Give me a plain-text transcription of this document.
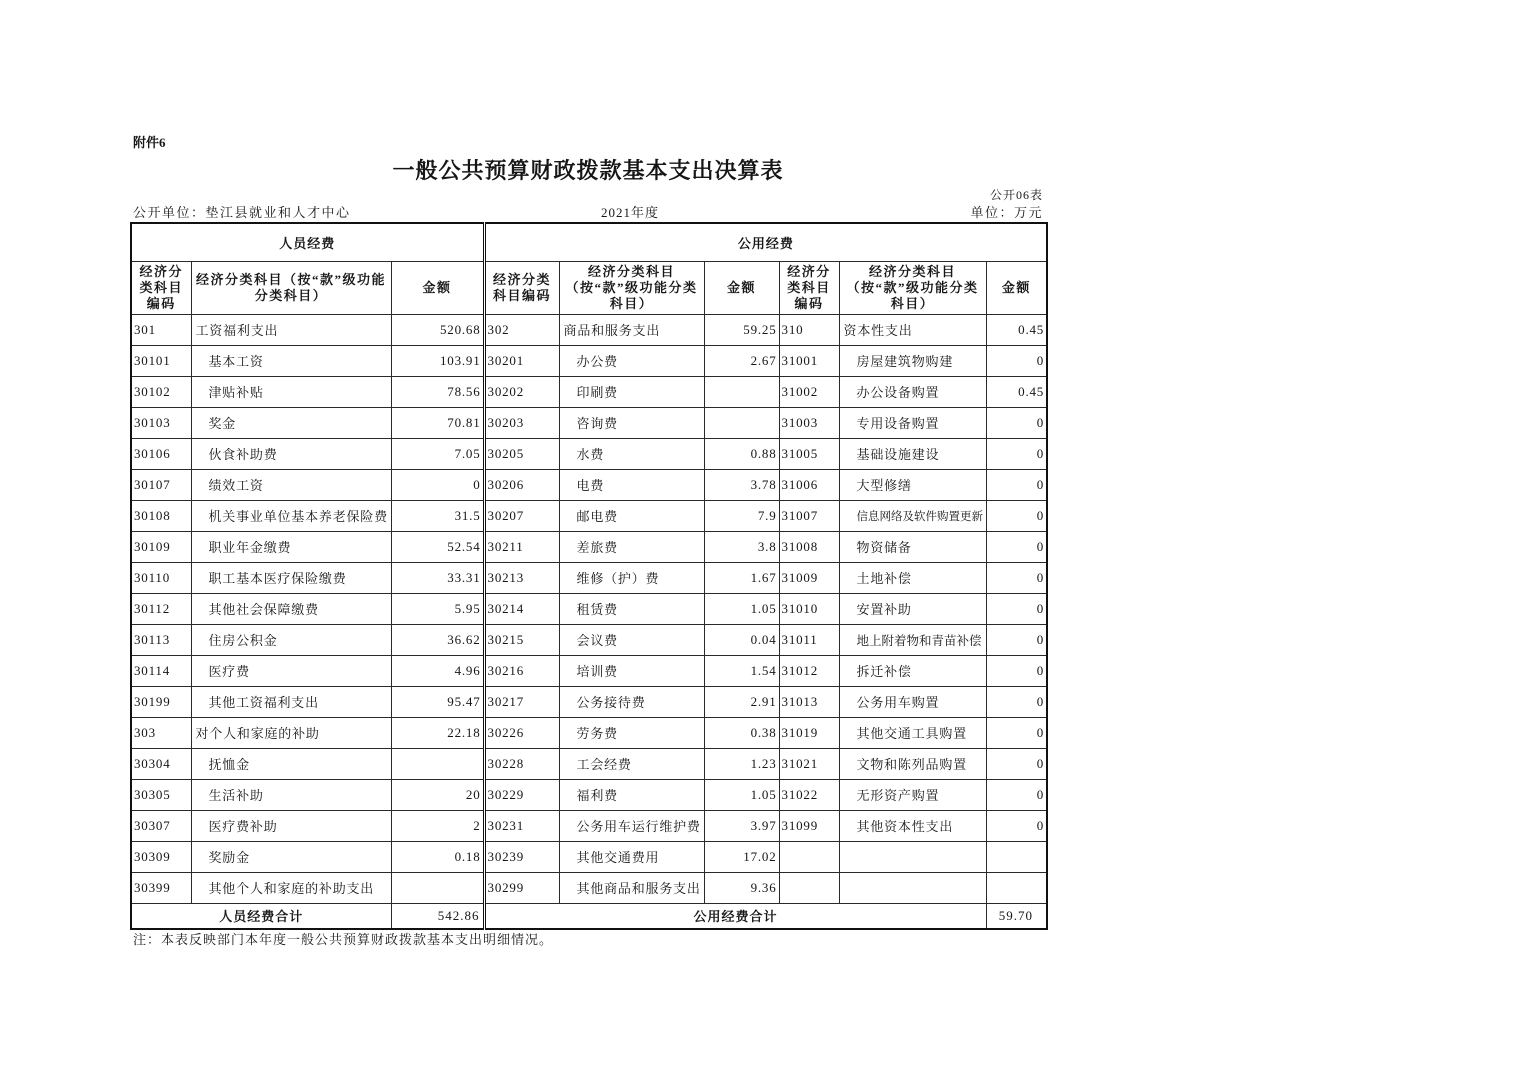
附件6
一般公共预算财政拨款基本支出决算表
公开06表
公开单位：垫江县就业和人才中心	2021年度	单位：万元
人员经费			公用经费					
经济分类科目编码	经济分类科目（按“款”级功能分类科目）	金额	经济分类科目编码	经济分类科目（按“款”级功能分类科目）	金额	经济分类科目编码	经济分类科目（按“款”级功能分类科目）	金额
301	工资福利支出	520.68	302	商品和服务支出	59.25	310	资本性支出	0.45
30101	基本工资	103.91	30201	办公费	2.67	31001	房屋建筑物购建	0
30102	津贴补贴	78.56	30202	印刷费		31002	办公设备购置	0.45
30103	奖金	70.81	30203	咨询费		31003	专用设备购置	0
30106	伙食补助费	7.05	30205	水费	0.88	31005	基础设施建设	0
30107	绩效工资	0	30206	电费	3.78	31006	大型修缮	0
30108	机关事业单位基本养老保险费	31.5	30207	邮电费	7.9	31007	信息网络及软件购置更新	0
30109	职业年金缴费	52.54	30211	差旅费	3.8	31008	物资储备	0
30110	职工基本医疗保险缴费	33.31	30213	维修（护）费	1.67	31009	土地补偿	0
30112	其他社会保障缴费	5.95	30214	租赁费	1.05	31010	安置补助	0
30113	住房公积金	36.62	30215	会议费	0.04	31011	地上附着物和青苗补偿	0
30114	医疗费	4.96	30216	培训费	1.54	31012	拆迁补偿	0
30199	其他工资福利支出	95.47	30217	公务接待费	2.91	31013	公务用车购置	0
303	对个人和家庭的补助	22.18	30226	劳务费	0.38	31019	其他交通工具购置	0
30304	抚恤金		30228	工会经费	1.23	31021	文物和陈列品购置	0
30305	生活补助	20	30229	福利费	1.05	31022	无形资产购置	0
30307	医疗费补助	2	30231	公务用车运行维护费	3.97	31099	其他资本性支出	0
30309	奖励金	0.18	30239	其他交通费用	17.02			
30399	其他个人和家庭的补助支出		30299	其他商品和服务支出	9.36			
人员经费合计		542.86	公用经费合计					59.70
注：本表反映部门本年度一般公共预算财政拨款基本支出明细情况。
